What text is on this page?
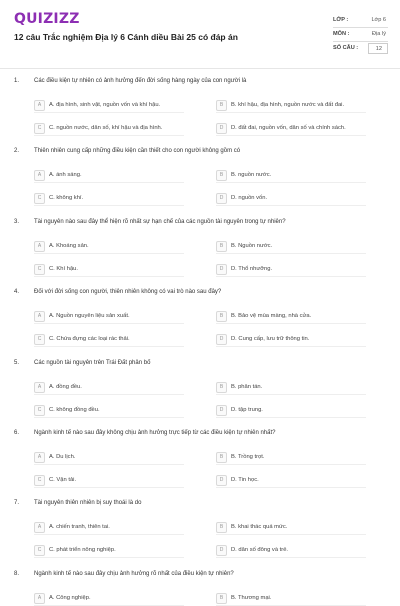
QUIZIZZ
12 câu Trắc nghiệm Địa lý 6 Cánh diều Bài 25 có đáp án
LỚP :	Lớp 6
MÔN :	Địa lý
SỐ CÂU :	12
1. Các điều kiện tự nhiên có ảnh hưởng đến đời sống hàng ngày của con người là
A	A. địa hình, sinh vật, nguồn vốn và khí hậu.	B	B. khí hậu, địa hình, nguồn nước và đất đai.
C	C. nguồn nước, dân số, khí hậu và địa hình.	D	D. đất đai, nguồn vốn, dân số và chính sách.
2. Thiên nhiên cung cấp những điều kiện cần thiết cho con người không gồm có
A	A. ánh sáng.	B	B. nguồn nước.
C	C. không khí.	D	D. nguồn vốn.
3. Tài nguyên nào sau đây thể hiện rõ nhất sự hạn chế của các nguồn tài nguyên trong tự nhiên?
A	A. Khoáng sản.	B	B. Nguồn nước.
C	C. Khí hậu.	D	D. Thổ nhưỡng.
4. Đối với đời sống con người, thiên nhiên không có vai trò nào sau đây?
A	A. Nguồn nguyên liệu sản xuất.	B	B. Bảo vệ mùa màng, nhà cửa.
C	C. Chứa đựng các loại rác thải.	D	D. Cung cấp, lưu trữ thông tin.
5. Các nguồn tài nguyên trên Trái Đất phân bố
A	A. đồng đều.	B	B. phân tán.
C	C. không đồng đều.	D	D. tập trung.
6. Ngành kinh tế nào sau đây không chịu ảnh hưởng trực tiếp từ các điều kiện tự nhiên nhất?
A	A. Du lịch.	B	B. Trồng trọt.
C	C. Vận tải.	D	D. Tin học.
7. Tài nguyên thiên nhiên bị suy thoái là do
A	A. chiến tranh, thiên tai.	B	B. khai thác quá mức.
C	C. phát triển nông nghiệp.	D	D. dân số đông và trẻ.
8. Ngành kinh tế nào sau đây chịu ảnh hưởng rõ nhất của điều kiện tự nhiên?
A	A. Công nghiệp.	B	B. Thương mại.
